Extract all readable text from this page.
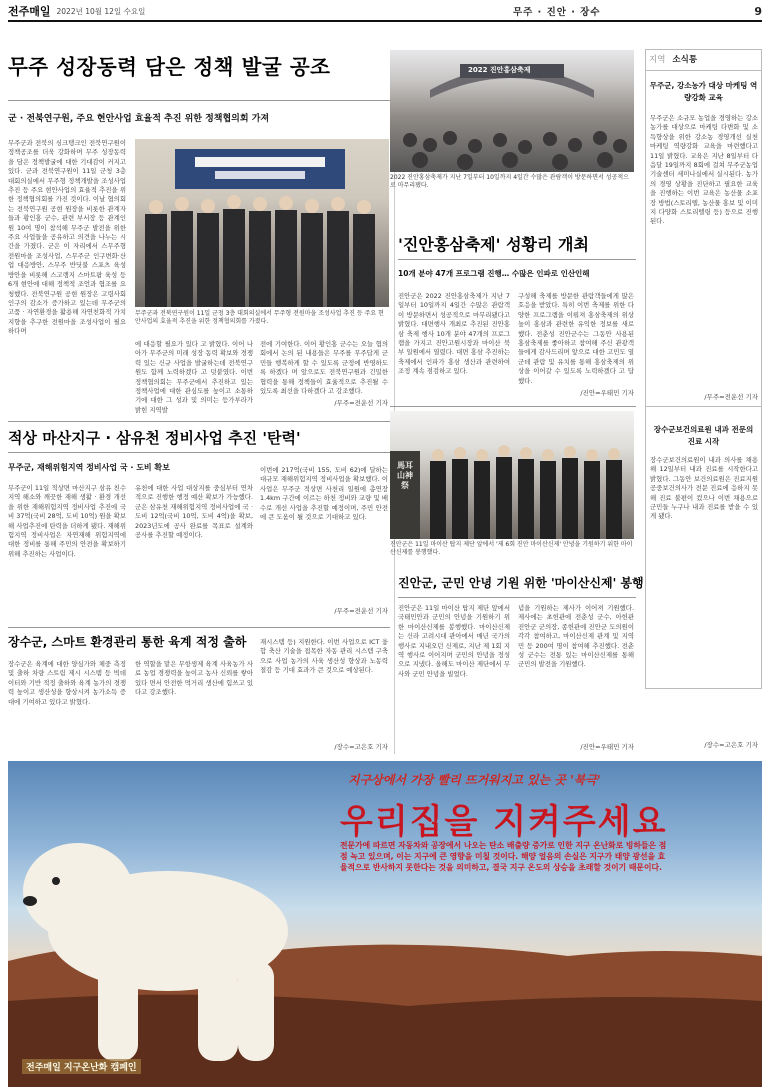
전주매일 2022년 10월 12일 수요일	무주 · 진안 · 장수	9
무주 성장동력 담은 정책 발굴 공조
군 · 전북연구원, 주요 현안사업 효율적 추진 위한 정책협의회 가져
무주군과 전북의 싱크탱크인 전북연구원이 정책공조를 더욱 강화하며 무주 성장동력을 담은 정책발굴에 대한 기대감이 커지고 있다. 군과 전북연구원이 11일 군청 3층 대회의실에서 무주형 정책개발을 조성사업 추진 등 주요 현안사업의 효율적 추진을 위한 정책협의회를 가진 것이다. 이날 협의회는 전북연구원 공현 원장을 비롯한 관계자들과 황인홍 군수, 관련 부서장 등 관계인원 10여 명이 참석해 무주군 발전을 위한 주요 사업들을 공유하고 의견을 나누는 시간을 가졌다. 군은 이 자리에서 스무주형 전원마을 조성사업, 스무주군 인구변화·산업 대응방안, 스무주 반딧불 스포츠 육성 방안을 비롯해 스고랭지 스마트팜 육성 등 6개 현안에 대해 정책적 조언과 협조를 요청했다. 전북연구원 공현 원장은 고령사회 인구의 감소가 증가하고 있는데 무주군의 고품 · 자연환경을 활용해 자연친화적 가치 지향을 추구한 전원마을 조성사업이 필요하다며
무주군과 전북연구원이 11일 군청 3층 대회의실에서 무주형 전원마을 조성사업 추진 등 주요 현안사업의 효율적 추진을 위한 정책협의회를 가졌다.
에 대응할 필요가 있다 고 밝혔다. 이어 나아가 무주군의 미래 성장 동력 확보와 경쟁력 있는 신규 사업을 발굴하는데 전북연구원도 함께 노력하겠다 고 덧붙였다. 이번 정책협의회는 무주군에서 추진하고 있는 정책사업에 대한 관심도를 높이고 소통하기에 대한 그 성과 및 의미는 등가부라가 밝힌 지역발
전에 기여한다. 이어 황인홍 군수는 오늘 협의회에서 논의 된 내용들은 무주를 무주답게 군민들 행복하게 할 수 있도록 군정에 반영하도록 하겠다 며 앞으로도 전북연구원과 긴밀한 협력을 통해 정책들이 효율적으로 추진될 수 있도록 최선을 다하겠다 고 강조했다.
/무주=전운선 기자
적상 마산지구 · 삼유천 정비사업 추진 '탄력'
무주군, 재해위험지역 정비사업 국 · 도비 확보
무주군이 11일 적상면 마산지구 삼유 친수지역 해소와 깨끗한 재해 생활 · 환경 개선을 위한 재해위험지역 정비사업 추진에 국비 37억(국비 28억, 도비 10억) 원을 확보해 사업추진에 탄력을 더하게 됐다. 재해위험지역 정비사업은 자연재해 위험지역에 대한 정비를 통해 주민의 안전을 확보하기 위해 추진하는 사업이다.
유천에 대한 사업 대상지를 중심부터 연차적으로 진행한 행정 예산 확보가 가능했다. 군은 삼유천 재해위험지역 정비사업에 국 · 도비 12억(국비 10억, 도비 4억)을 확보, 2023년도에 공사 완료를 목표로 설계와 공사를 추진할 예정이다.
이번에 217억(국비 155, 도비 62)에 달하는 대규모 재해위험지역 정비사업을 확보했다. 이 사업은 무주군 적상면 사천리 일원에 총연장 1.4km 구간에 이르는 하천 정비와 교량 및 배수로 개선 사업을 추진할 예정이며, 주민 안전에 큰 도움이 될 것으로 기대하고 있다.
/무주=전운선 기자
장수군, 스마트 환경관리 통한 육계 적정 출하
장수군은 육계에 대한 양심가와 체중 측정 및 출하 차량 스트림 제시 시스템 등 빅데이터와 기반 적정 출하와 육계 농가의 경쟁력 높이고 생산성을 향상시켜 농가소득 증대에 기여하고 있다고 밝혔다.
한 역할을 맡은 무항생제 육계 사육농가 사료 농업 경쟁력을 높이고 농사 신뢰를 쌓아 있다 면서 안전한 먹거리 생산에 힘쓰고 있다고 강조했다.
재시스템 등) 지원한다. 이번 사업으로 ICT 융합 축산 기술을 접목한 자동 관리 시스템 구축으로 사업 농가의 사육 생산성 향상과 노동력 절감 등 기대 효과가 큰 것으로 예상된다.
/장수=고은호 기자
2022 진안홍삼축제
2022 진안홍삼축제가 지난 7일부터 10일까지 4일간 수많은 관람객이 방문하면서 성공적으로 마무리됐다.
'진안홍삼축제' 성황리 개최
10개 분야 47개 프로그램 진행… 수많은 인파로 인산인해
진안군은 2022 진안홍삼축제가 지난 7일부터 10일까지 4일간 수많은 관람객이 방문하면서 성공적으로 마무리됐다고 밝혔다. 대면행사 개최로 추진된 진안홍삼 축제 행사 10개 분야 47개의 프로그램을 가지고 진안고원시장과 마이산 북부 일원에서 열렸다. 대면 홍삼 추진하는 축제에서 인파가 홍삼 생산과 관련하여 조정 계속 점검하고 있다.
구성해 축제를 방문한 관람객들에게 많은 호응을 받았다. 특히 이번 축제를 위한 다양한 프로그램을 이뤄져 홍삼축제의 위상 높이 홍삼과 관련한 유익한 정보를 새로 했다. 전춘성 진안군수는 그동안 사용된 홍삼축제를 좋아하고 참여해 주신 관광객들에게 감사드리며 앞으로 대한 고민도 열 군데 관람 및 유치를 통해 홍삼축제의 위상을 이어갈 수 있도록 노력하겠다 고 답했다.
/진안=우태민 기자
馬耳山神祭
진안군은 11일 마이산 탑지 제단 앞에서 '제 6회 진안 마이산신제' 안녕을 기원하기 위한 마이산신제를 봉행했다.
진안군, 군민 안녕 기원 위한 '마이산신제' 봉행
진안군은 11일 마이산 탑지 제단 앞에서 국태민안과 군민의 안녕을 기원하기 위한 마이산신제를 봉행했다. 마이산신제는 신라 고려시대 관아에서 매년 국가의 행사로 지내오던 신제로, 지난 제 1회 지역 행사로 이어지며 군민의 안녕을 정성으로 지냈다. 올해도 마이산 제단에서 무사와 군민 안녕을 빌었다.
념을 기원하는 제사가 이어져 기원했다. 제사에는 초헌관에 전춘성 군수, 아헌관 진안군 군의장, 종헌관에 진안군 도의원이 각각 참여하고, 마이산신제 관계 및 지역민 등 200여 명이 참여해 추진했다. 전춘성 군수는 전통 있는 마이산신제를 통해 군민의 발전을 기원했다.
/진안=우태민 기자
지역 소식통
무주군, 강소농가 대상 마케팅 역량강화 교육
무주군은 소규모 농업을 경영하는 강소농가를 대상으로 마케팅 다변화 및 소득향상을 위한 강소농 경영개선 실천 마케팅 역량강화 교육을 마련했다고 11일 밝혔다. 교육은 지난 8일부터 다음달 19일까지 8회에 걸쳐 무주군농업기술센터 세미나실에서 실시된다. 농가의 경영 상황을 진단하고 필요한 교육을 진행하는 이번 교육은 농산물 소포장 방법(스토리텔, 농산물 홍보 및 이미지 다양화 스토리텔링 등) 등으로 진행된다.
/무주=전운선 기자
장수군보건의료원 내과 전문의 진료 시작
장수군보건의료원이 내과 의사를 채용해 12일부터 내과 진료를 시작한다고 밝혔다. 그동안 보건의료원은 진료지원 공중보건의사가 전문 진료에 응하지 못해 진료 불편이 컸으나 이번 채용으로 군민들 누구나 내과 진료를 받을 수 있게 됐다.
/장수=고은호 기자
지구상에서 가장 빨리 뜨거워지고 있는 곳 '북극'
우리집을 지켜주세요
전문가에 따르면 자동차와 공장에서 나오는 탄소 배출량 증가로 인한 지구 온난화로 빙하들은 점점 녹고 있으며, 이는 지구에 큰 영향을 미칠 것이다. 해양 얼음의 손실은 지구가 태양 광선을 효율적으로 반사하지 못한다는 것을 의미하고, 결국 지구 온도의 상승을 초래할 것이기 때문이다.
전주매일 지구온난화 캠페인
